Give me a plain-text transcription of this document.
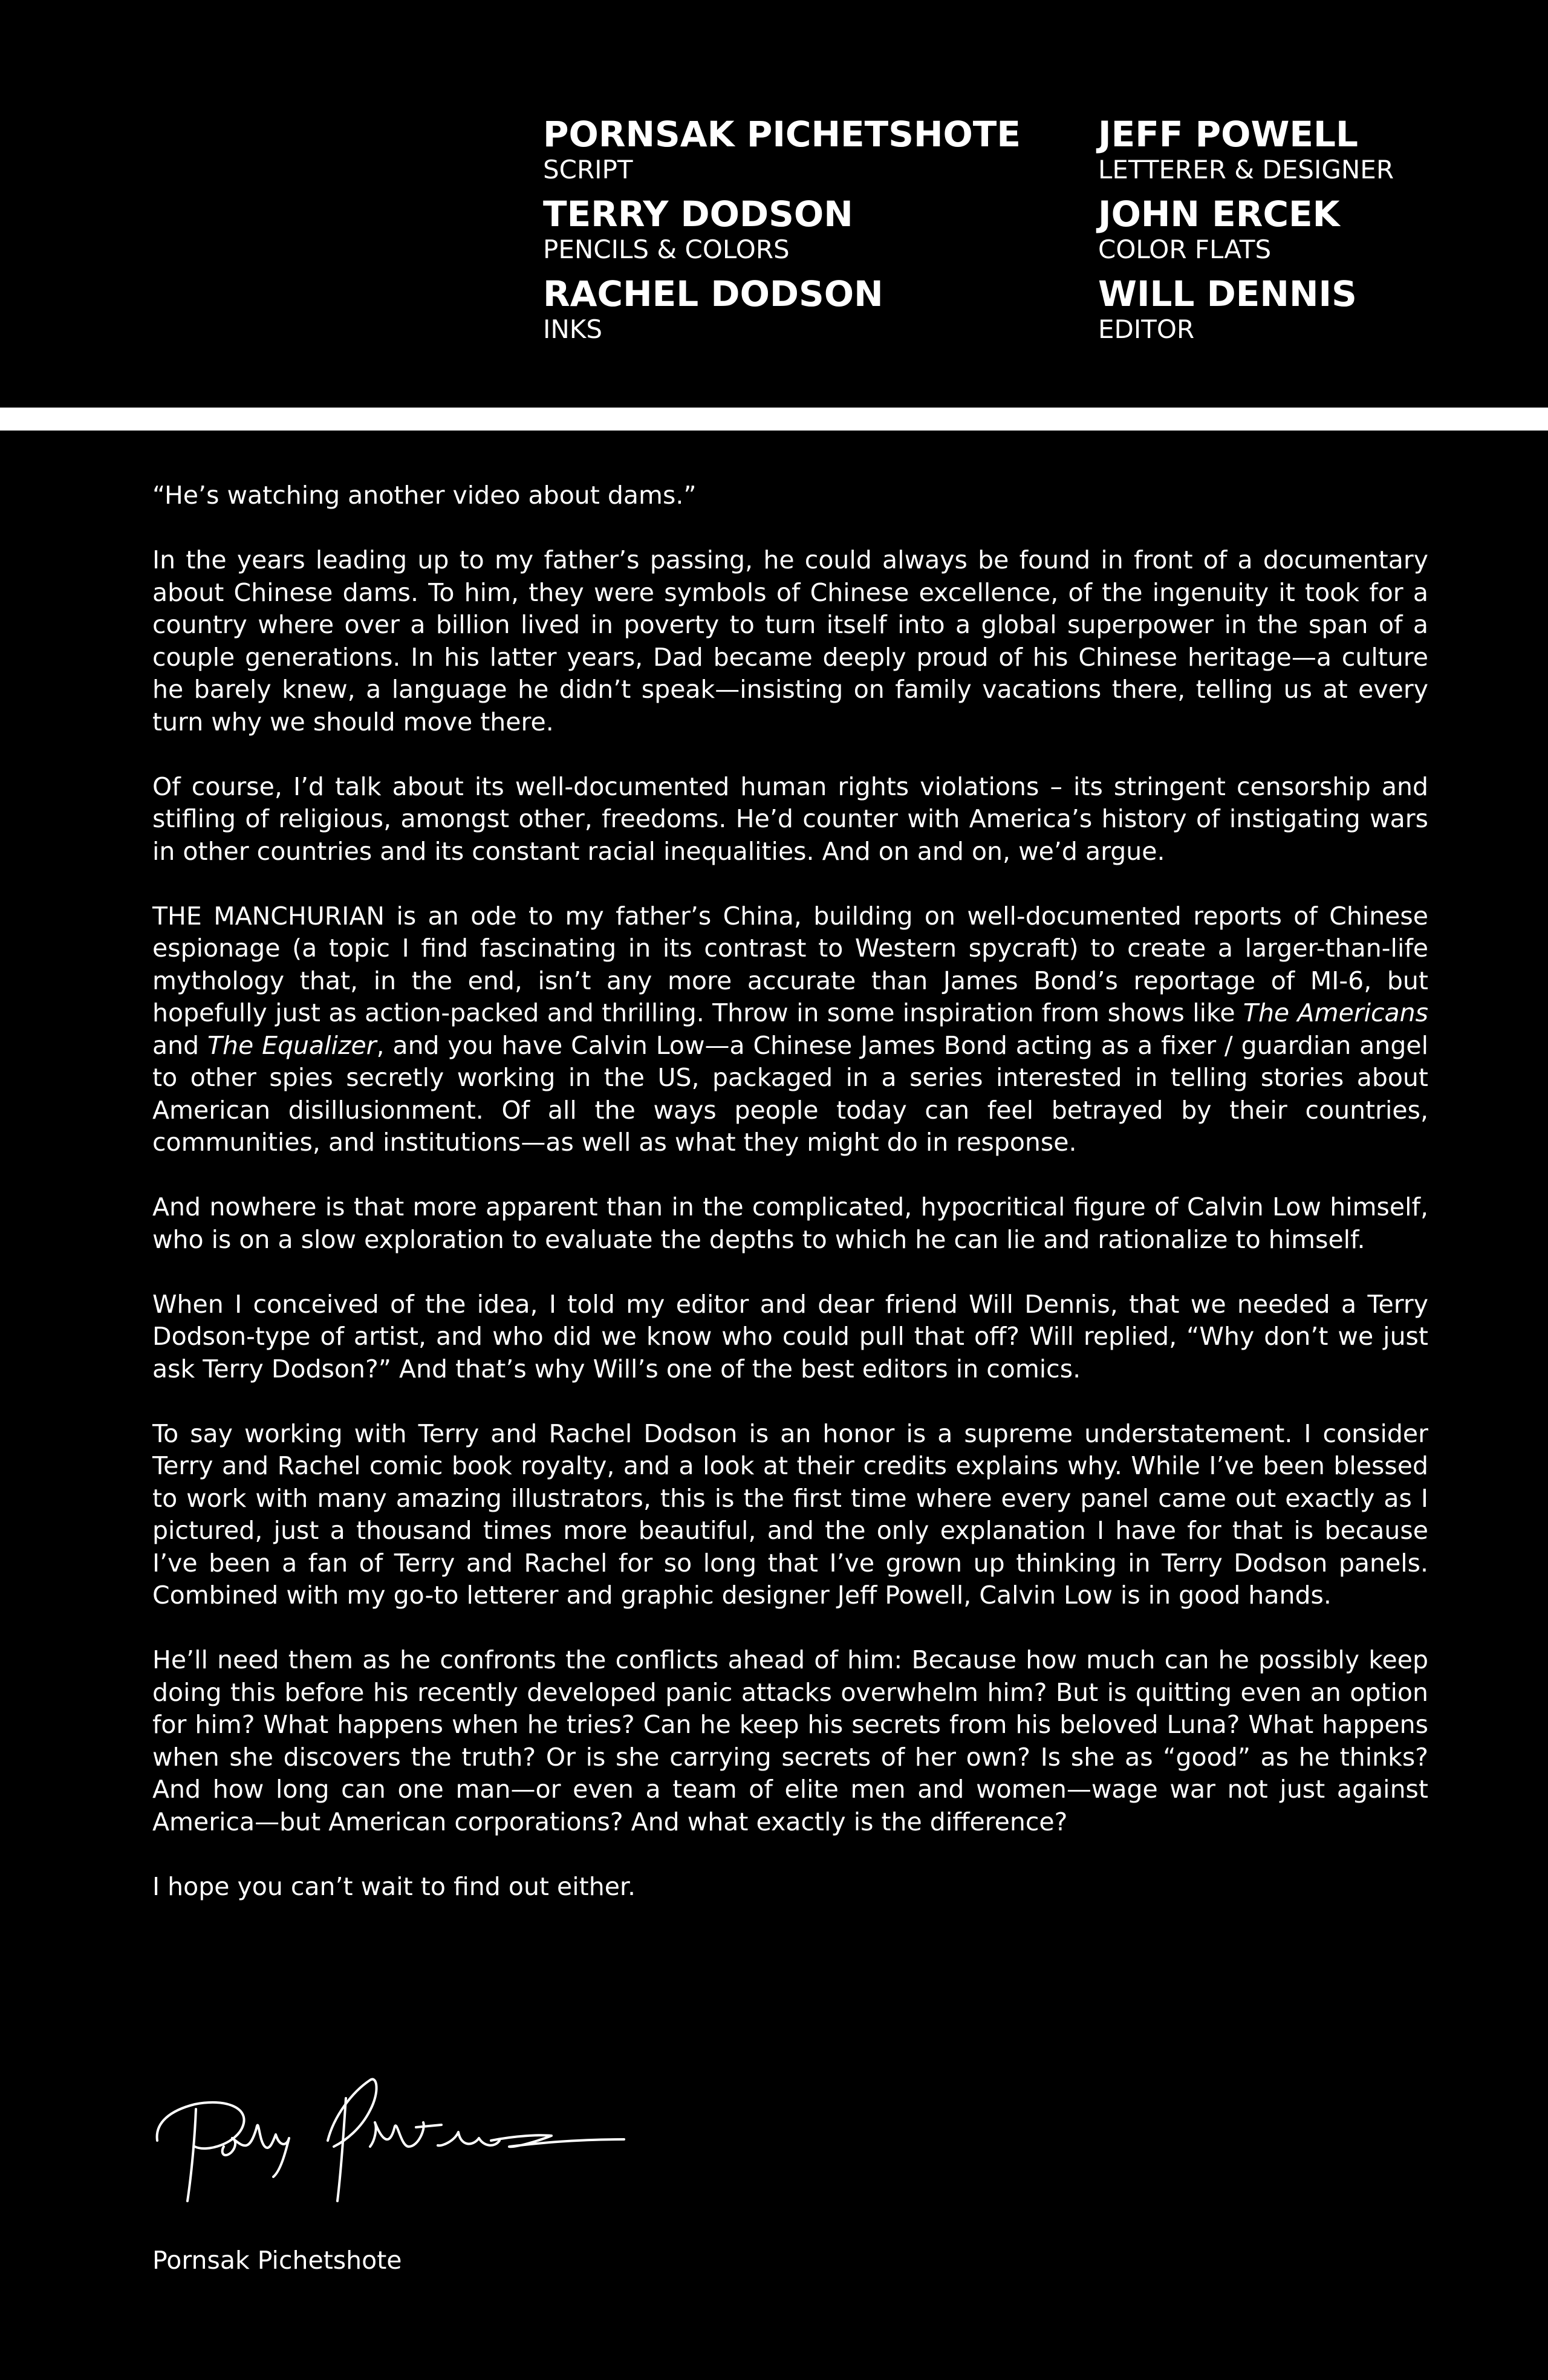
PORNSAK PICHETSHOTE
SCRIPT
TERRY DODSON
PENCILS & COLORS
RACHEL DODSON
INKS
JEFF POWELL
LETTERER & DESIGNER
JOHN ERCEK
COLOR FLATS
WILL DENNIS
EDITOR

“He’s watching another video about dams.”

In the years leading up to my father’s passing, he could always be found in front of a documentary about Chinese dams. To him, they were symbols of Chinese excellence, of the ingenuity it took for a country where over a billion lived in poverty to turn itself into a global superpower in the span of a couple generations. In his latter years, Dad became deeply proud of his Chinese heritage—a culture he barely knew, a language he didn’t speak—insisting on family vacations there, telling us at every turn why we should move there.

Of course, I’d talk about its well-documented human rights violations – its stringent censorship and stifling of religious, amongst other, freedoms. He’d counter with America’s history of instigating wars in other countries and its constant racial inequalities. And on and on, we’d argue.

THE MANCHURIAN is an ode to my father’s China, building on well-documented reports of Chinese espionage (a topic I find fascinating in its contrast to Western spycraft) to create a larger-than-life mythology that, in the end, isn’t any more accurate than James Bond’s reportage of MI-6, but hopefully just as action-packed and thrilling. Throw in some inspiration from shows like The Americans and The Equalizer, and you have Calvin Low—a Chinese James Bond acting as a fixer / guardian angel to other spies secretly working in the US, packaged in a series interested in telling stories about American disillusionment. Of all the ways people today can feel betrayed by their countries, communities, and institutions—as well as what they might do in response.

And nowhere is that more apparent than in the complicated, hypocritical figure of Calvin Low himself, who is on a slow exploration to evaluate the depths to which he can lie and rationalize to himself.

When I conceived of the idea, I told my editor and dear friend Will Dennis, that we needed a Terry Dodson-type of artist, and who did we know who could pull that off? Will replied, “Why don’t we just ask Terry Dodson?” And that’s why Will’s one of the best editors in comics.

To say working with Terry and Rachel Dodson is an honor is a supreme understatement. I consider Terry and Rachel comic book royalty, and a look at their credits explains why. While I’ve been blessed to work with many amazing illustrators, this is the first time where every panel came out exactly as I pictured, just a thousand times more beautiful, and the only explanation I have for that is because I’ve been a fan of Terry and Rachel for so long that I’ve grown up thinking in Terry Dodson panels. Combined with my go-to letterer and graphic designer Jeff Powell, Calvin Low is in good hands.

He’ll need them as he confronts the conflicts ahead of him: Because how much can he possibly keep doing this before his recently developed panic attacks overwhelm him? But is quitting even an option for him? What happens when he tries? Can he keep his secrets from his beloved Luna? What happens when she discovers the truth? Or is she carrying secrets of her own? Is she as “good” as he thinks? And how long can one man—or even a team of elite men and women—wage war not just against America—but American corporations? And what exactly is the difference?

I hope you can’t wait to find out either.

Pornsak Pichetshote
